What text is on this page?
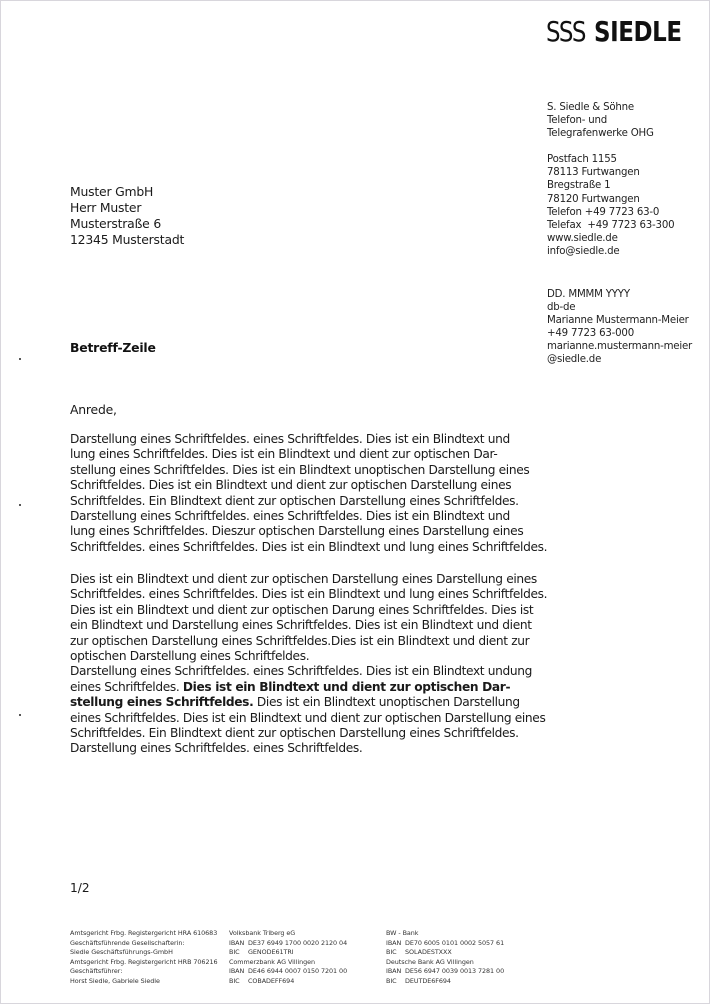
SSS SIEDLE
S. Siedle & Söhne
Telefon- und
Telegrafenwerke OHG
Postfach 1155
78113 Furtwangen
Bregstraße 1
78120 Furtwangen
Telefon +49 7723 63-0
Telefax  +49 7723 63-300
www.siedle.de
info@siedle.de
DD. MMMM YYYY
db-de
Marianne Mustermann-Meier
+49 7723 63-000
marianne.mustermann-meier
@siedle.de
Muster GmbH
Herr Muster
Musterstraße 6
12345 Musterstadt
Betreff-Zeile
Anrede,
Darstellung eines Schriftfeldes. eines Schriftfeldes. Dies ist ein Blindtext und
lung eines Schriftfeldes. Dies ist ein Blindtext und dient zur optischen Dar-
stellung eines Schriftfeldes. Dies ist ein Blindtext unoptischen Darstellung eines
Schriftfeldes. Dies ist ein Blindtext und dient zur optischen Darstellung eines
Schriftfeldes. Ein Blindtext dient zur optischen Darstellung eines Schriftfeldes.
Darstellung eines Schriftfeldes. eines Schriftfeldes. Dies ist ein Blindtext und
lung eines Schriftfeldes. Dieszur optischen Darstellung eines Darstellung eines
Schriftfeldes. eines Schriftfeldes. Dies ist ein Blindtext und lung eines Schriftfeldes.
Dies ist ein Blindtext und dient zur optischen Darstellung eines Darstellung eines
Schriftfeldes. eines Schriftfeldes. Dies ist ein Blindtext und lung eines Schriftfeldes.
Dies ist ein Blindtext und dient zur optischen Darung eines Schriftfeldes. Dies ist
ein Blindtext und Darstellung eines Schriftfeldes. Dies ist ein Blindtext und dient
zur optischen Darstellung eines Schriftfeldes.Dies ist ein Blindtext und dient zur
optischen Darstellung eines Schriftfeldes.
Darstellung eines Schriftfeldes. eines Schriftfeldes. Dies ist ein Blindtext undung
eines Schriftfeldes. Dies ist ein Blindtext und dient zur optischen Dar-
stellung eines Schriftfeldes. Dies ist ein Blindtext unoptischen Darstellung
eines Schriftfeldes. Dies ist ein Blindtext und dient zur optischen Darstellung eines
Schriftfeldes. Ein Blindtext dient zur optischen Darstellung eines Schriftfeldes.
Darstellung eines Schriftfeldes. eines Schriftfeldes.
1/2
Amtsgericht Frbg. Registergericht HRA 610683
Geschäftsführende Gesellschafterin:
Siedle Geschäftsführungs-GmbH
Amtsgericht Frbg. Registergericht HRB 706216
Geschäftsführer:
Horst Siedle, Gabriele Siedle
Volksbank Triberg eG
IBAN DE37 6949 1700 0020 2120 04
BIC GENODE61TRI
Commerzbank AG Villingen
IBAN DE46 6944 0007 0150 7201 00
BIC COBADEFF694
BW - Bank
IBAN DE70 6005 0101 0002 5057 61
BIC SOLADESTXXX
Deutsche Bank AG Villingen
IBAN DE56 6947 0039 0013 7281 00
BIC DEUTDE6F694
